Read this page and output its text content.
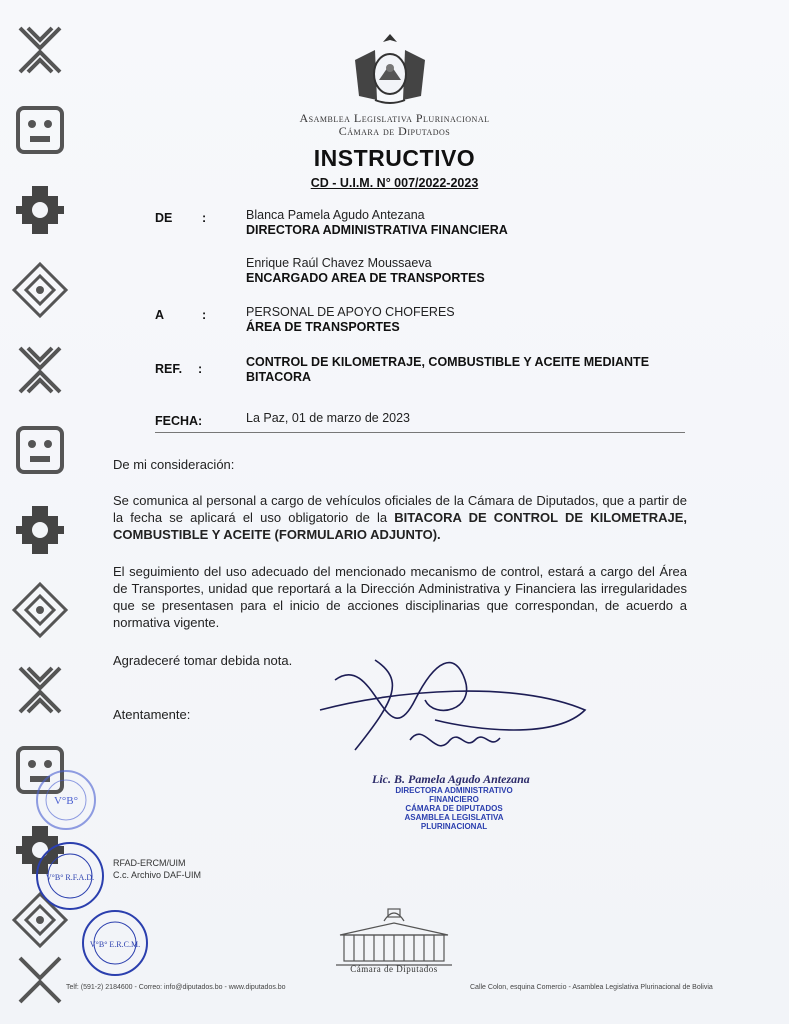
Asamblea Legislativa Plurinacional
Cámara de Diputados
INSTRUCTIVO
CD - U.I.M. N° 007/2022-2023
DE :	Blanca Pamela Agudo Antezana
DIRECTORA ADMINISTRATIVA FINANCIERA
Enrique Raúl Chavez Moussaeva
ENCARGADO AREA DE TRANSPORTES
A	:	PERSONAL DE APOYO CHOFERES
ÁREA DE TRANSPORTES
REF. :	CONTROL DE KILOMETRAJE, COMBUSTIBLE Y ACEITE MEDIANTE
BITACORA
FECHA:	La Paz, 01 de marzo de 2023
De mi consideración:
Se comunica al personal a cargo de vehículos oficiales de la Cámara de Diputados, que a partir de la fecha se aplicará el uso obligatorio de la BITACORA DE CONTROL DE KILOMETRAJE, COMBUSTIBLE Y ACEITE (FORMULARIO ADJUNTO).
El seguimiento del uso adecuado del mencionado mecanismo de control, estará a cargo del Área de Transportes, unidad que reportará a la Dirección Administrativa y Financiera las irregularidades que se presentasen para el inicio de acciones disciplinarias que correspondan, de acuerdo a normativa vigente.
Agradeceré tomar debida nota.
Atentamente:
Lic. B. Pamela Agudo Antezana
DIRECTORA ADMINISTRATIVO FINANCIERO
CÁMARA DE DIPUTADOS
ASAMBLEA LEGISLATIVA PLURINACIONAL
V°B°
V°B° R.F.A.D.
V°B° E.R.C.M.
RFAD-ERCM/UIM
C.c. Archivo DAF-UIM
Cámara de Diputados
Telf: (591-2) 2184600 - Correo: info@diputados.bo - www.diputados.bo	Calle Colon, esquina Comercio - Asamblea Legislativa Plurinacional de Bolivia
